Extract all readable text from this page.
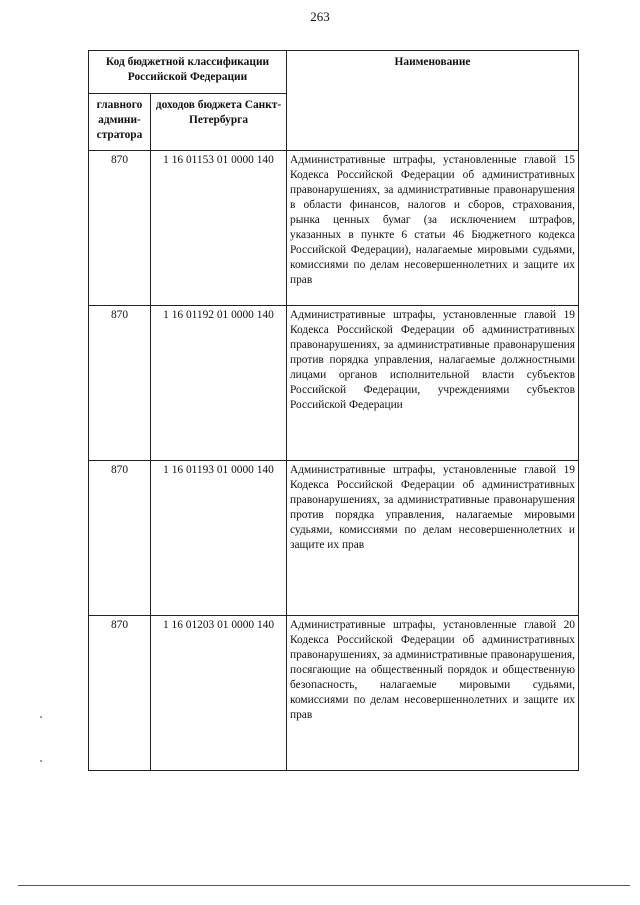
263
Код бюджетной классификации Российской Федерации		Наименование
главного админи-стратора	доходов бюджета Санкт-Петербурга	
870	1 16 01153 01 0000 140	Административные штрафы, установленные главой 15 Кодекса Российской Федерации об административных правонарушениях, за административные правонарушения в области финансов, налогов и сборов, страхования, рынка ценных бумаг (за исключением штрафов, указанных в пункте 6 статьи 46 Бюджетного кодекса Российской Федерации), налагаемые мировыми судьями, комиссиями по делам несовершеннолетних и защите их прав
870	1 16 01192 01 0000 140	Административные штрафы, установленные главой 19 Кодекса Российской Федерации об административных правонарушениях, за административные правонарушения против порядка управления, налагаемые должностными лицами органов исполнительной власти субъектов Российской Федерации, учреждениями субъектов Российской Федерации
870	1 16 01193 01 0000 140	Административные штрафы, установленные главой 19 Кодекса Российской Федерации об административных правонарушениях, за административные правонарушения против порядка управления, налагаемые мировыми судьями, комиссиями по делам несовершеннолетних и защите их прав
870	1 16 01203 01 0000 140	Административные штрафы, установленные главой 20 Кодекса Российской Федерации об административных правонарушениях, за административные правонарушения, посягающие на общественный порядок и общественную безопасность, налагаемые мировыми судьями, комиссиями по делам несовершеннолетних и защите их прав
